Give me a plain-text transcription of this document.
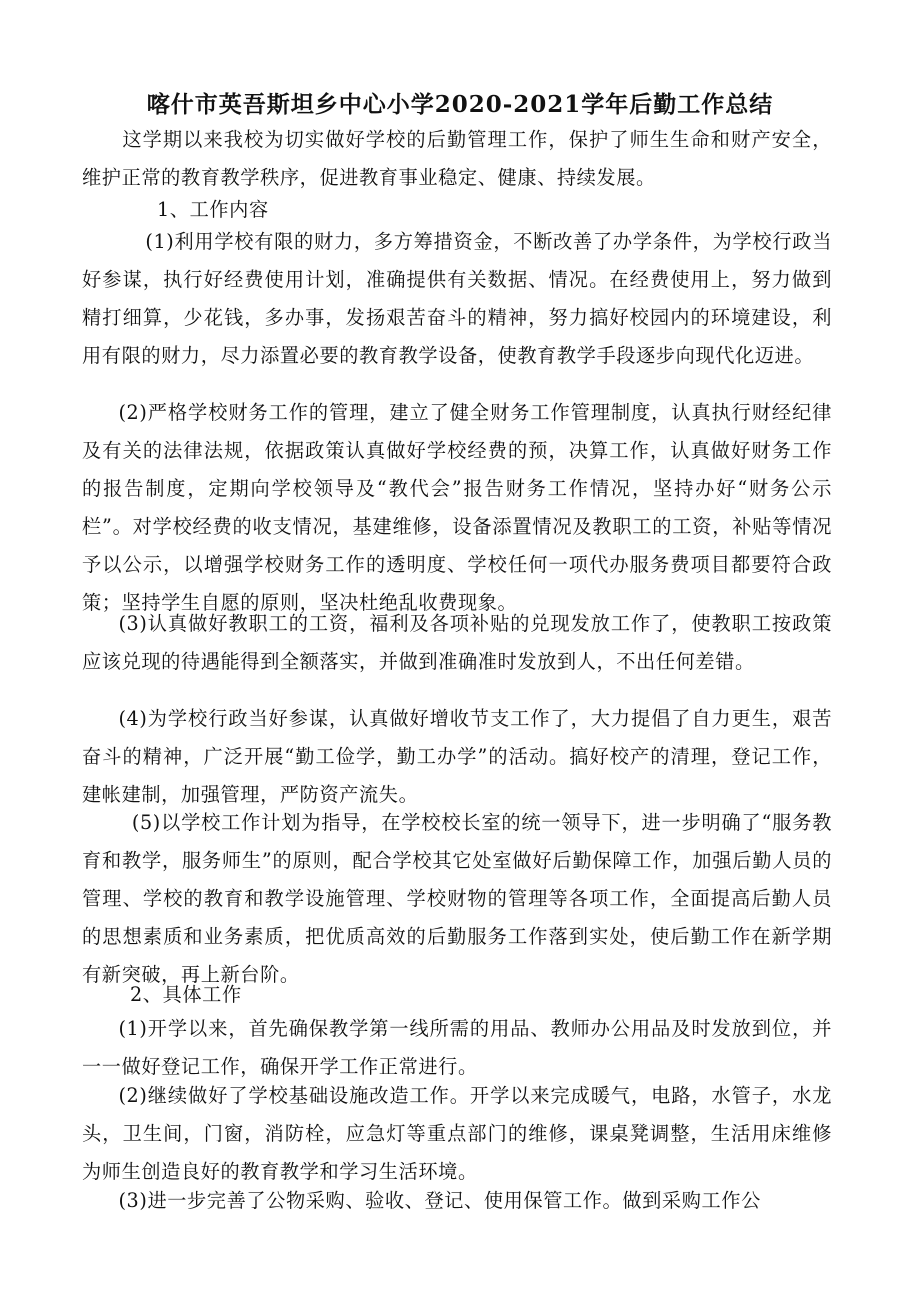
喀什市英吾斯坦乡中心小学2020-2021学年后勤工作总结

这学期以来我校为切实做好学校的后勤管理工作，保护了师生生命和财产安全，维护正常的教育教学秩序，促进教育事业稳定、健康、持续发展。

1、工作内容

(1)利用学校有限的财力，多方筹措资金，不断改善了办学条件，为学校行政当好参谋，执行好经费使用计划，准确提供有关数据、情况。在经费使用上，努力做到精打细算，少花钱，多办事，发扬艰苦奋斗的精神，努力搞好校园内的环境建设，利用有限的财力，尽力添置必要的教育教学设备，使教育教学手段逐步向现代化迈进。

(2)严格学校财务工作的管理，建立了健全财务工作管理制度，认真执行财经纪律及有关的法律法规，依据政策认真做好学校经费的预，决算工作，认真做好财务工作的报告制度，定期向学校领导及“教代会”报告财务工作情况，坚持办好“财务公示栏”。对学校经费的收支情况，基建维修，设备添置情况及教职工的工资，补贴等情况予以公示，以增强学校财务工作的透明度、学校任何一项代办服务费项目都要符合政策；坚持学生自愿的原则，坚决杜绝乱收费现象。

(3)认真做好教职工的工资，福利及各项补贴的兑现发放工作了，使教职工按政策应该兑现的待遇能得到全额落实，并做到准确准时发放到人，不出任何差错。

(4)为学校行政当好参谋，认真做好增收节支工作了，大力提倡了自力更生，艰苦奋斗的精神，广泛开展“勤工俭学，勤工办学”的活动。搞好校产的清理，登记工作，建帐建制，加强管理，严防资产流失。

(5)以学校工作计划为指导，在学校校长室的统一领导下，进一步明确了“服务教育和教学，服务师生”的原则，配合学校其它处室做好后勤保障工作，加强后勤人员的管理、学校的教育和教学设施管理、学校财物的管理等各项工作，全面提高后勤人员的思想素质和业务素质，把优质高效的后勤服务工作落到实处，使后勤工作在新学期有新突破，再上新台阶。

2、具体工作

(1)开学以来，首先确保教学第一线所需的用品、教师办公用品及时发放到位，并一一做好登记工作，确保开学工作正常进行。

(2)继续做好了学校基础设施改造工作。开学以来完成暖气，电路，水管子，水龙头，卫生间，门窗，消防栓，应急灯等重点部门的维修，课桌凳调整，生活用床维修为师生创造良好的教育教学和学习生活环境。

(3)进一步完善了公物采购、验收、登记、使用保管工作。做到采购工作公
